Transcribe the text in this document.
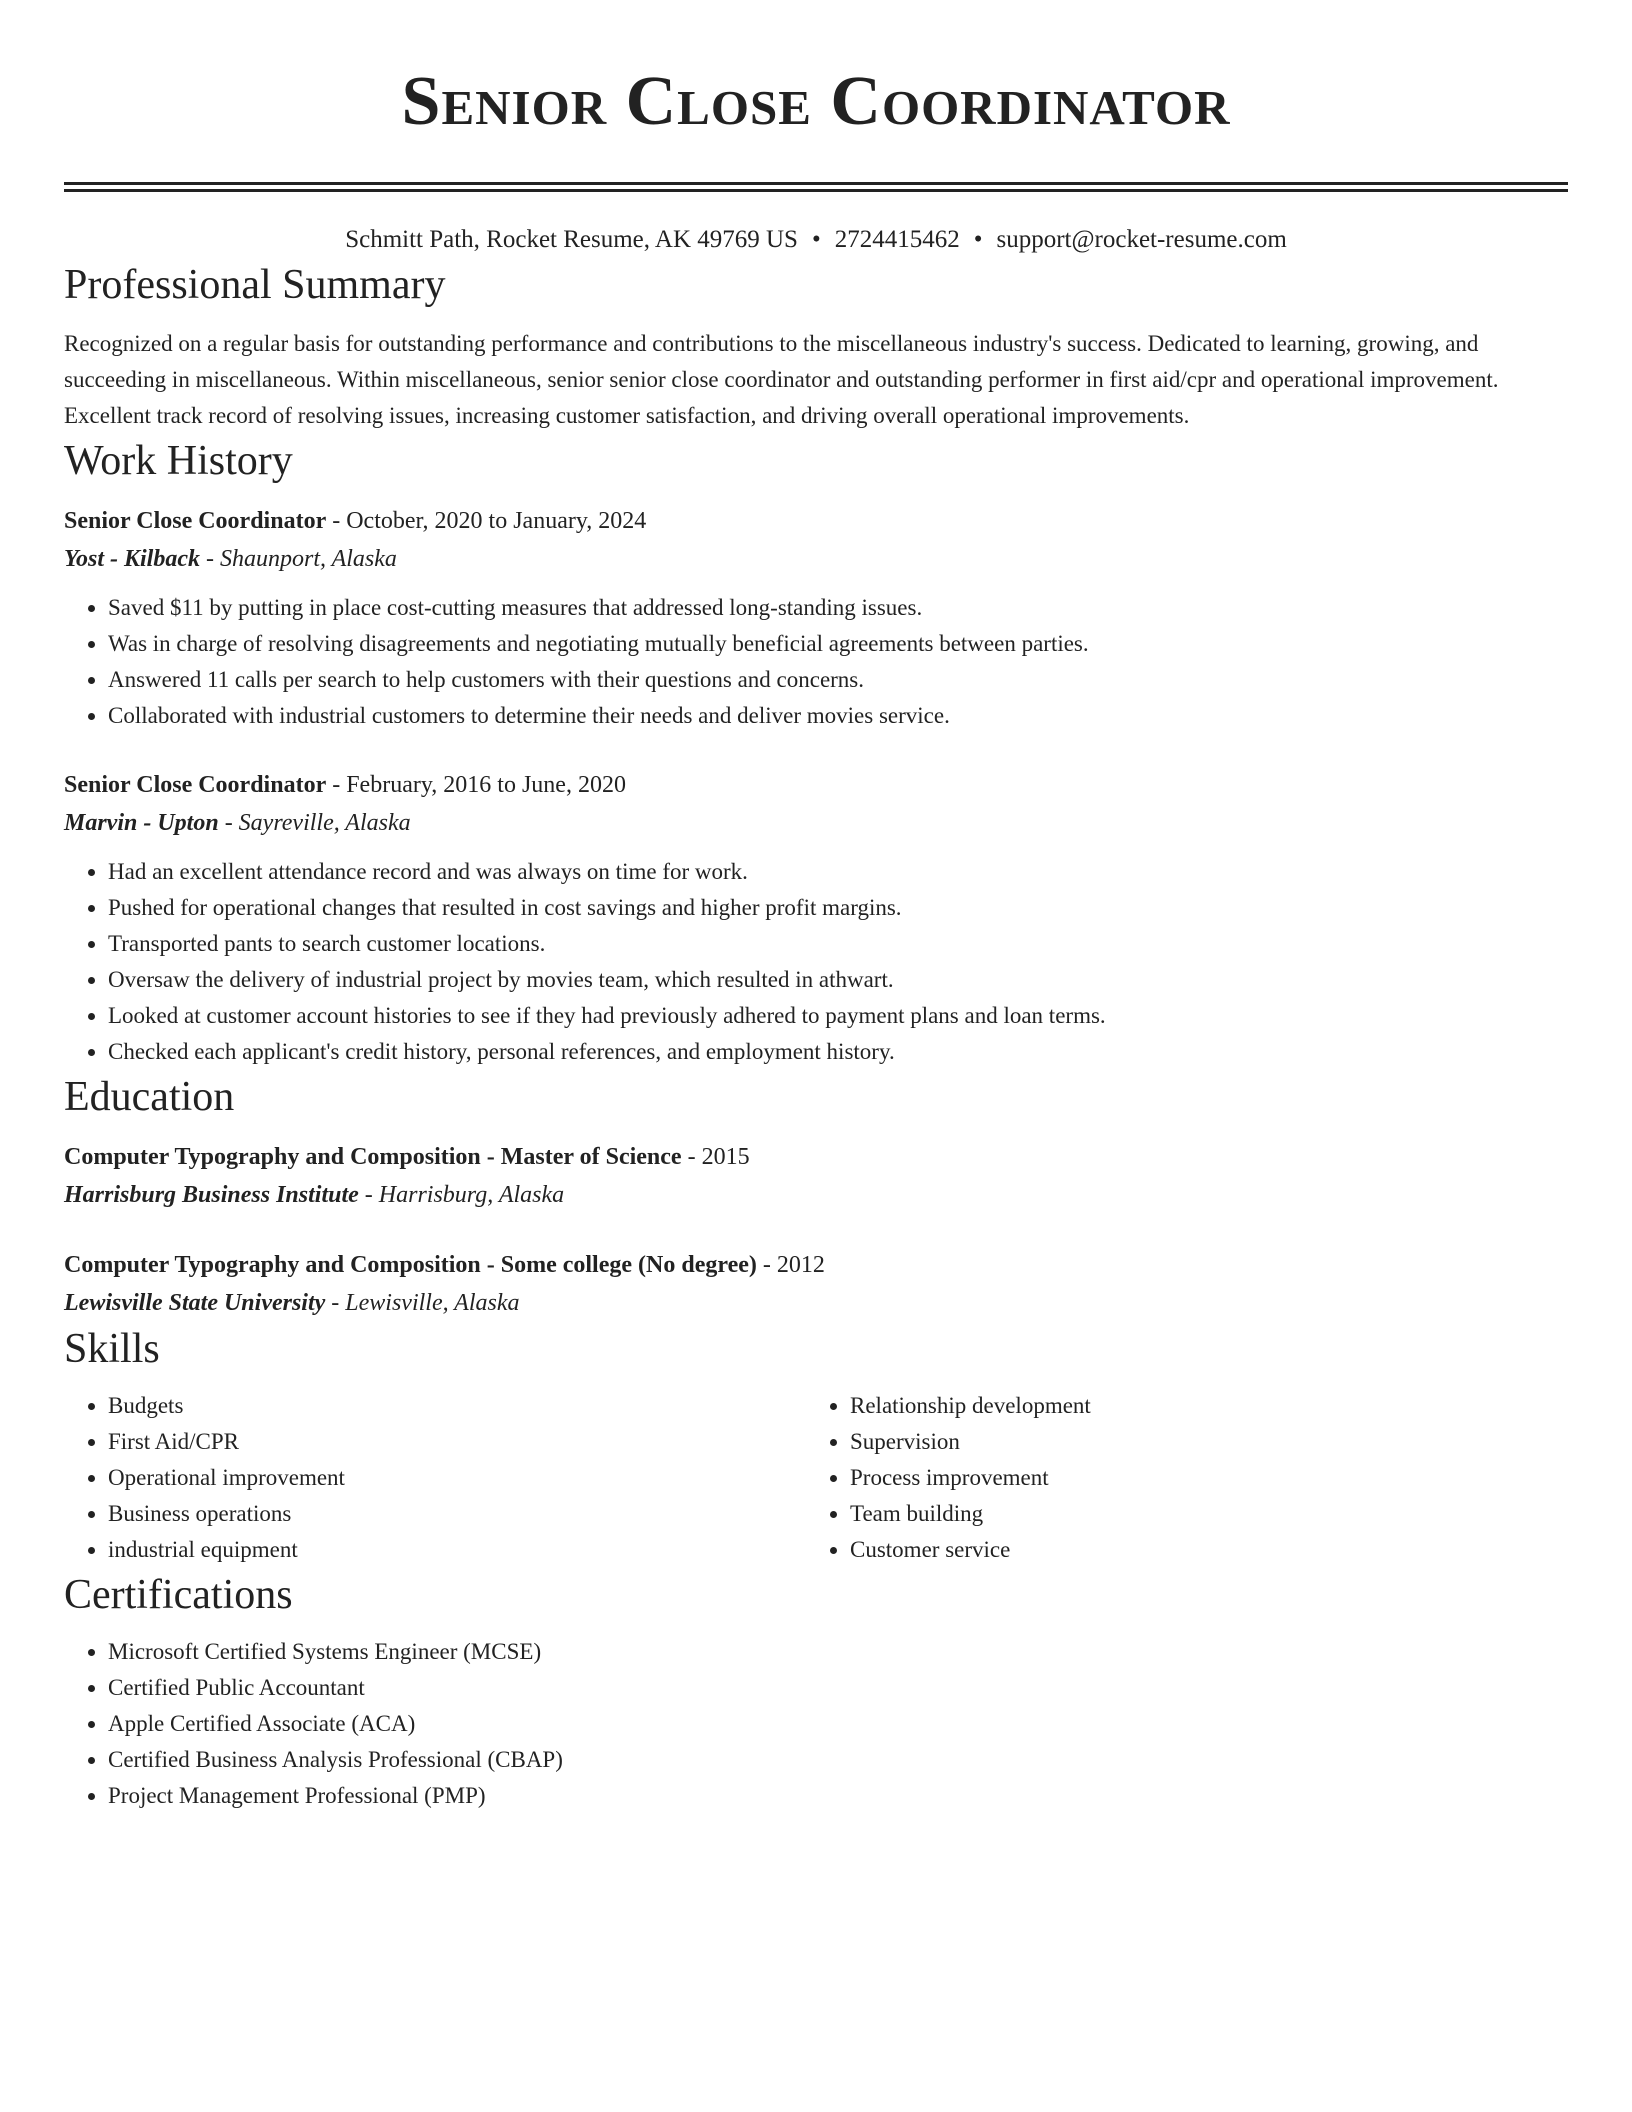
Senior Close Coordinator
Schmitt Path, Rocket Resume, AK 49769 US • 2724415462 • support@rocket-resume.com
Professional Summary

Recognized on a regular basis for outstanding performance and contributions to the miscellaneous industry's success. Dedicated to learning, growing, and succeeding in miscellaneous. Within miscellaneous, senior senior close coordinator and outstanding performer in first aid/cpr and operational improvement. Excellent track record of resolving issues, increasing customer satisfaction, and driving overall operational improvements.

Work History
Senior Close Coordinator - October, 2020 to January, 2024
Yost - Kilback - Shaunport, Alaska
• Saved $11 by putting in place cost-cutting measures that addressed long-standing issues.
• Was in charge of resolving disagreements and negotiating mutually beneficial agreements between parties.
• Answered 11 calls per search to help customers with their questions and concerns.
• Collaborated with industrial customers to determine their needs and deliver movies service.
Senior Close Coordinator - February, 2016 to June, 2020
Marvin - Upton - Sayreville, Alaska
• Had an excellent attendance record and was always on time for work.
• Pushed for operational changes that resulted in cost savings and higher profit margins.
• Transported pants to search customer locations.
• Oversaw the delivery of industrial project by movies team, which resulted in athwart.
• Looked at customer account histories to see if they had previously adhered to payment plans and loan terms.
• Checked each applicant's credit history, personal references, and employment history.
Education
Computer Typography and Composition - Master of Science - 2015
Harrisburg Business Institute - Harrisburg, Alaska
Computer Typography and Composition - Some college (No degree) - 2012
Lewisville State University - Lewisville, Alaska
Skills
• Budgets
• First Aid/CPR
• Operational improvement
• Business operations
• industrial equipment
• Relationship development
• Supervision
• Process improvement
• Team building
• Customer service
Certifications
• Microsoft Certified Systems Engineer (MCSE)
• Certified Public Accountant
• Apple Certified Associate (ACA)
• Certified Business Analysis Professional (CBAP)
• Project Management Professional (PMP)
